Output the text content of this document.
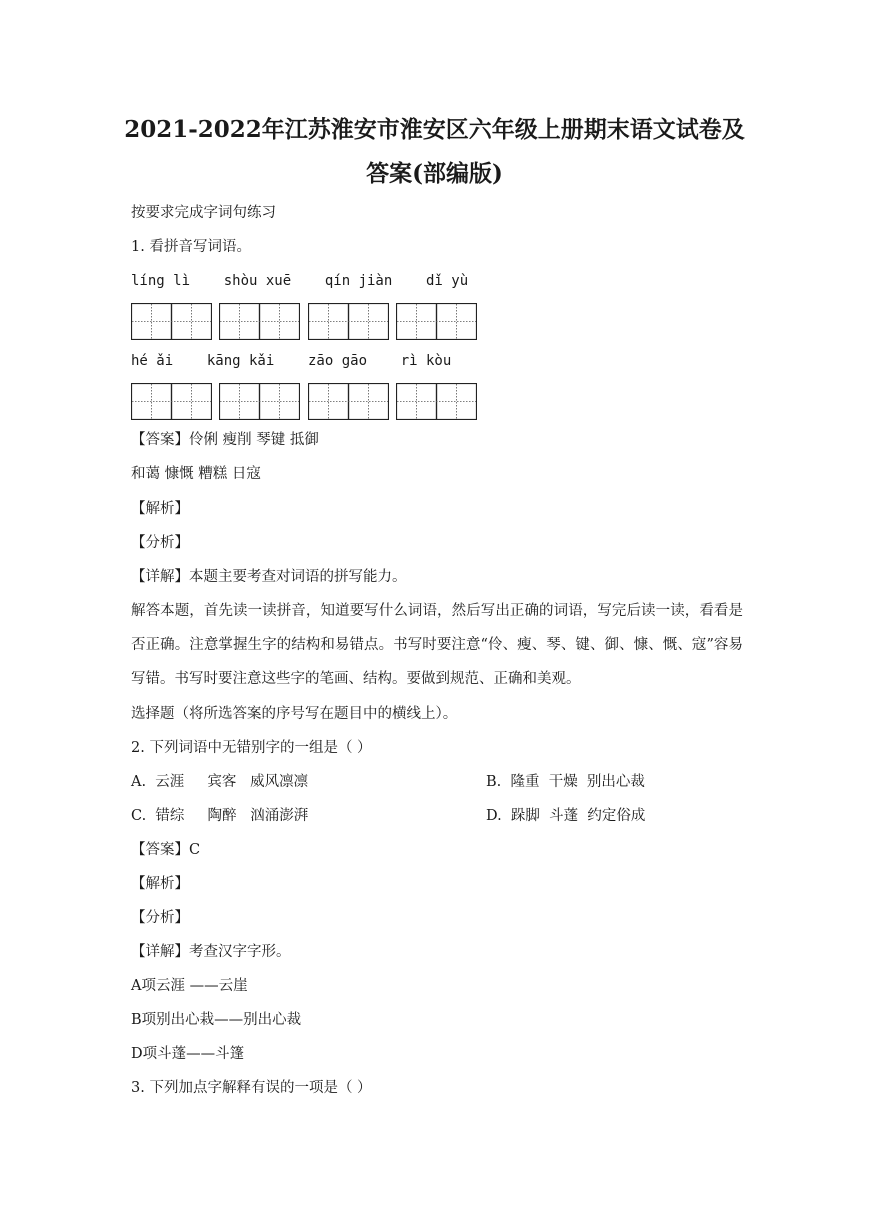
2021-2022年江苏淮安市淮安区六年级上册期末语文试卷及
答案(部编版)
按要求完成字词句练习
1. 看拼音写词语。
líng lì    shòu xuē    qín jiàn    dǐ yù
hé ǎi    kāng kǎi    zāo gāo    rì kòu
【答案】伶俐 瘦削 琴键 抵御
和蔼 慷慨 糟糕 日寇
【解析】
【分析】
【详解】本题主要考查对词语的拼写能力。
解答本题，首先读一读拼音，知道要写什么词语，然后写出正确的词语，写完后读一读，看看是否正确。注意掌握生字的结构和易错点。书写时要注意“伶、瘦、琴、键、御、慷、慨、寇”容易写错。书写时要注意这些字的笔画、结构。要做到规范、正确和美观。
选择题（将所选答案的序号写在题目中的横线上）。
2. 下列词语中无错别字的一组是（ ）
A.  云涯     宾客   威风凛凛	B.  隆重  干燥  别出心裁
C.  错综     陶醉   汹涌澎湃	D.  跺脚  斗蓬  约定俗成
【答案】C
【解析】
【分析】
【详解】考查汉字字形。
A项云涯 ——云崖
B项别出心栽——别出心裁
D项斗蓬——斗篷
3. 下列加点字解释有误的一项是（ ）
